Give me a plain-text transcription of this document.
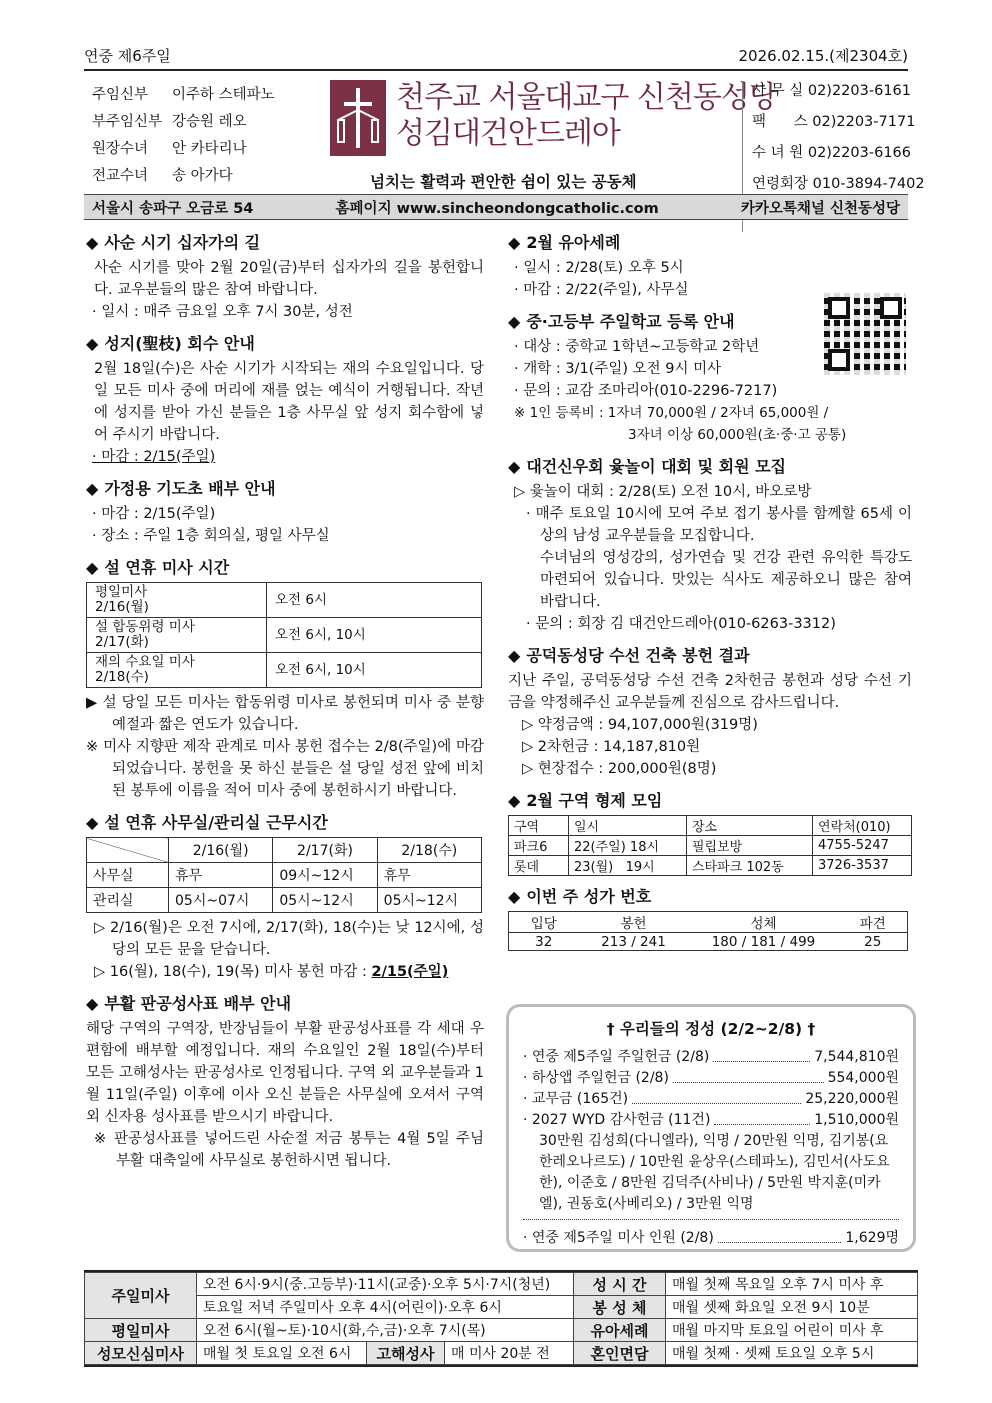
연중 제6주일	2026.02.15.(제2304호)
주임신부 이주하 스테파노
부주임신부 강승원 레오
원장수녀 안 카타리나
전교수녀 송 아가다
천주교 서울대교구 신천동성당
성김대건안드레아
넘치는 활력과 편안한 쉼이 있는 공동체
사 무 실 02)2203-6161
팩      스 02)2203-7171
수 녀 원 02)2203-6166
연령회장 010-3894-7402
서울시 송파구 오금로 54	홈페이지 www.sincheondongcatholic.com	카카오톡채널 신천동성당
◆ 사순 시기 십자가의 길

사순 시기를 맞아 2월 20일(금)부터 십자가의 길을 봉헌합니다. 교우분들의 많은 참여 바랍니다.

· 일시 : 매주 금요일 오후 7시 30분, 성전
◆ 성지(聖枝) 회수 안내

2월 18일(수)은 사순 시기가 시작되는 재의 수요일입니다. 당일 모든 미사 중에 머리에 재를 얹는 예식이 거행됩니다. 작년에 성지를 받아 가신 분들은 1층 사무실 앞 성지 회수함에 넣어 주시기 바랍니다.

· 마감 : 2/15(주일)
◆ 가정용 기도초 배부 안내
· 마감 : 2/15(주일)
· 장소 : 주일 1층 회의실, 평일 사무실
◆ 설 연휴 미사 시간
평일미사
2/16(월)	오전 6시

설 합동위령 미사
2/17(화)	오전 6시, 10시

재의 수요일 미사
2/18(수)	오전 6시, 10시

▶ 설 당일 모든 미사는 합동위령 미사로 봉헌되며 미사 중 분향 예절과 짧은 연도가 있습니다.

※ 미사 지향판 제작 관계로 미사 봉헌 접수는 2/8(주일)에 마감되었습니다. 봉헌을 못 하신 분들은 설 당일 성전 앞에 비치된 봉투에 이름을 적어 미사 중에 봉헌하시기 바랍니다.

◆ 설 연휴 사무실/관리실 근무시간
	2/16(월)	2/17(화)	2/18(수)
사무실	휴무	09시~12시	휴무
관리실	05시~07시	05시~12시	05시~12시

▷ 2/16(월)은 오전 7시에, 2/17(화), 18(수)는 낮 12시에, 성당의 모든 문을 닫습니다.

▷ 16(월), 18(수), 19(목) 미사 봉헌 마감 : 2/15(주일)

◆ 부활 판공성사표 배부 안내

해당 구역의 구역장, 반장님들이 부활 판공성사표를 각 세대 우편함에 배부할 예정입니다. 재의 수요일인 2월 18일(수)부터 모든 고해성사는 판공성사로 인정됩니다. 구역 외 교우분들과 1월 11일(주일) 이후에 이사 오신 분들은 사무실에 오셔서 구역 외 신자용 성사표를 받으시기 바랍니다.

※ 판공성사표를 넣어드린 사순절 저금 봉투는 4월 5일 주님 부활 대축일에 사무실로 봉헌하시면 됩니다.

◆ 2월 유아세례
· 일시 : 2/28(토) 오후 5시
· 마감 : 2/22(주일), 사무실
◆ 중·고등부 주일학교 등록 안내
· 대상 : 중학교 1학년~고등학교 2학년
· 개학 : 3/1(주일) 오전 9시 미사
· 문의 : 교감 조마리아(010-2296-7217)
※ 1인 등록비 : 1자녀 70,000원 / 2자녀 65,000원 /
3자녀 이상 60,000원(초·중·고 공통)
◆ 대건신우회 윷놀이 대회 및 회원 모집
▷ 윷놀이 대회 : 2/28(토) 오전 10시, 바오로방

· 매주 토요일 10시에 모여 주보 접기 봉사를 함께할 65세 이상의 남성 교우분들을 모집합니다.

수녀님의 영성강의, 성가연습 및 건강 관련 유익한 특강도 마련되어 있습니다. 맛있는 식사도 제공하오니 많은 참여 바랍니다.

· 문의 : 회장 김 대건안드레아(010-6263-3312)
◆ 공덕동성당 수선 건축 봉헌 결과

지난 주일, 공덕동성당 수선 건축 2차헌금 봉헌과 성당 수선 기금을 약정해주신 교우분들께 진심으로 감사드립니다.

▷ 약정금액 : 94,107,000원(319명)
▷ 2차헌금 : 14,187,810원
▷ 현장접수 : 200,000원(8명)
◆ 2월 구역 형제 모임
구역	일시	장소	연락처(010)
파크6	22(주일) 18시	필립보방	4755-5247
롯데	23(월)   19시	스타파크 102동	3726-3537
◆ 이번 주 성가 번호
입당	봉헌	성체	파견
32	213 / 241	180 / 181 / 499	25
† 우리들의 정성 (2/2~2/8) †
· 연중 제5주일 주일헌금 (2/8)	7,544,810원
· 하상앱 주일헌금 (2/8)	554,000원
· 교무금 (165건)	25,220,000원
· 2027 WYD 감사헌금 (11건)	1,510,000원

30만원 김성희(다니엘라), 익명 / 20만원 익명, 김기봉(요한레오나르도) / 10만원 윤상우(스테파노), 김민서(사도요한), 이준호 / 8만원 김덕주(사비나) / 5만원 박지훈(미카엘), 권동호(사베리오) / 3만원 익명

· 연중 제5주일 미사 인원 (2/8)	1,629명
주일미사	오전 6시·9시(중.고등부)·11시(교중)·오후 5시·7시(청년)			성 시 간	매월 첫째 목요일 오후 7시 미사 후
	토요일 저녁 주일미사 오후 4시(어린이)·오후 6시			봉 성 체	매월 셋째 화요일 오전 9시 10분
평일미사	오전 6시(월~토)·10시(화,수,금)·오후 7시(목)			유아세례	매월 마지막 토요일 어린이 미사 후
성모신심미사	매월 첫 토요일 오전 6시	고해성사	매 미사 20분 전	혼인면담	매월 첫째 · 셋째 토요일 오후 5시
